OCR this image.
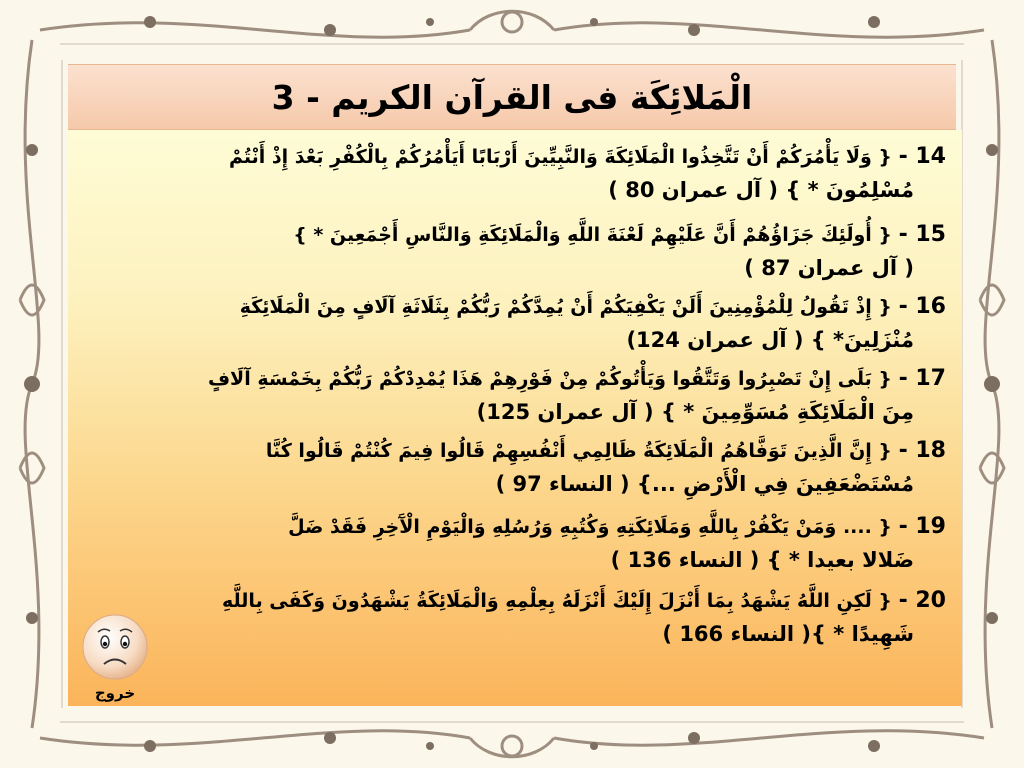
الْمَلائِكَة فى القرآن الكريم - 3
14 - { وَلَا يَأْمُرَكُمْ أَنْ تَتَّخِذُوا الْمَلَائِكَةَ وَالنَّبِيِّينَ أَرْبَابًا أَيَأْمُرُكُمْ بِالْكُفْرِ بَعْدَ إِذْ أَنْتُمْ
مُسْلِمُونَ * } ( آل عمران 80 )
15 - { أُولَئِكَ جَزَاؤُهُمْ أَنَّ عَلَيْهِمْ لَعْنَةَ اللَّهِ وَالْمَلَائِكَةِ وَالنَّاسِ أَجْمَعِينَ * }
( آل عمران 87 )
16 - { إِذْ تَقُولُ لِلْمُؤْمِنِينَ أَلَنْ يَكْفِيَكُمْ أَنْ يُمِدَّكُمْ رَبُّكُمْ بِثَلَاثَةِ آلَافٍ مِنَ الْمَلَائِكَةِ
مُنْزَلِينَ* } ( آل عمران 124)
17 - { بَلَى إِنْ تَصْبِرُوا وَتَتَّقُوا وَيَأْتُوكُمْ مِنْ فَوْرِهِمْ هَذَا يُمْدِدْكُمْ رَبُّكُمْ بِخَمْسَةِ آلَافٍ
مِنَ الْمَلَائِكَةِ مُسَوِّمِينَ * } ( آل عمران 125)
18 - { إِنَّ الَّذِينَ تَوَفَّاهُمُ الْمَلَائِكَةُ ظَالِمِي أَنْفُسِهِمْ قَالُوا فِيمَ كُنْتُمْ قَالُوا كُنَّا
مُسْتَضْعَفِينَ فِي الْأَرْضِ ...} ( النساء 97 )
19 - { .... وَمَنْ يَكْفُرْ بِاللَّهِ وَمَلَائِكَتِهِ وَكُتُبِهِ وَرُسُلِهِ وَالْيَوْمِ الْآَخِرِ فَقَدْ ضَلَّ
ضَلالا بعيدا * } ( النساء 136 )
20 - { لَكِنِ اللَّهُ يَشْهَدُ بِمَا أَنْزَلَ إِلَيْكَ أَنْزَلَهُ بِعِلْمِهِ وَالْمَلَائِكَةُ يَشْهَدُونَ وَكَفَى بِاللَّهِ
شَهِيدًا * }( النساء 166 )
خروج
